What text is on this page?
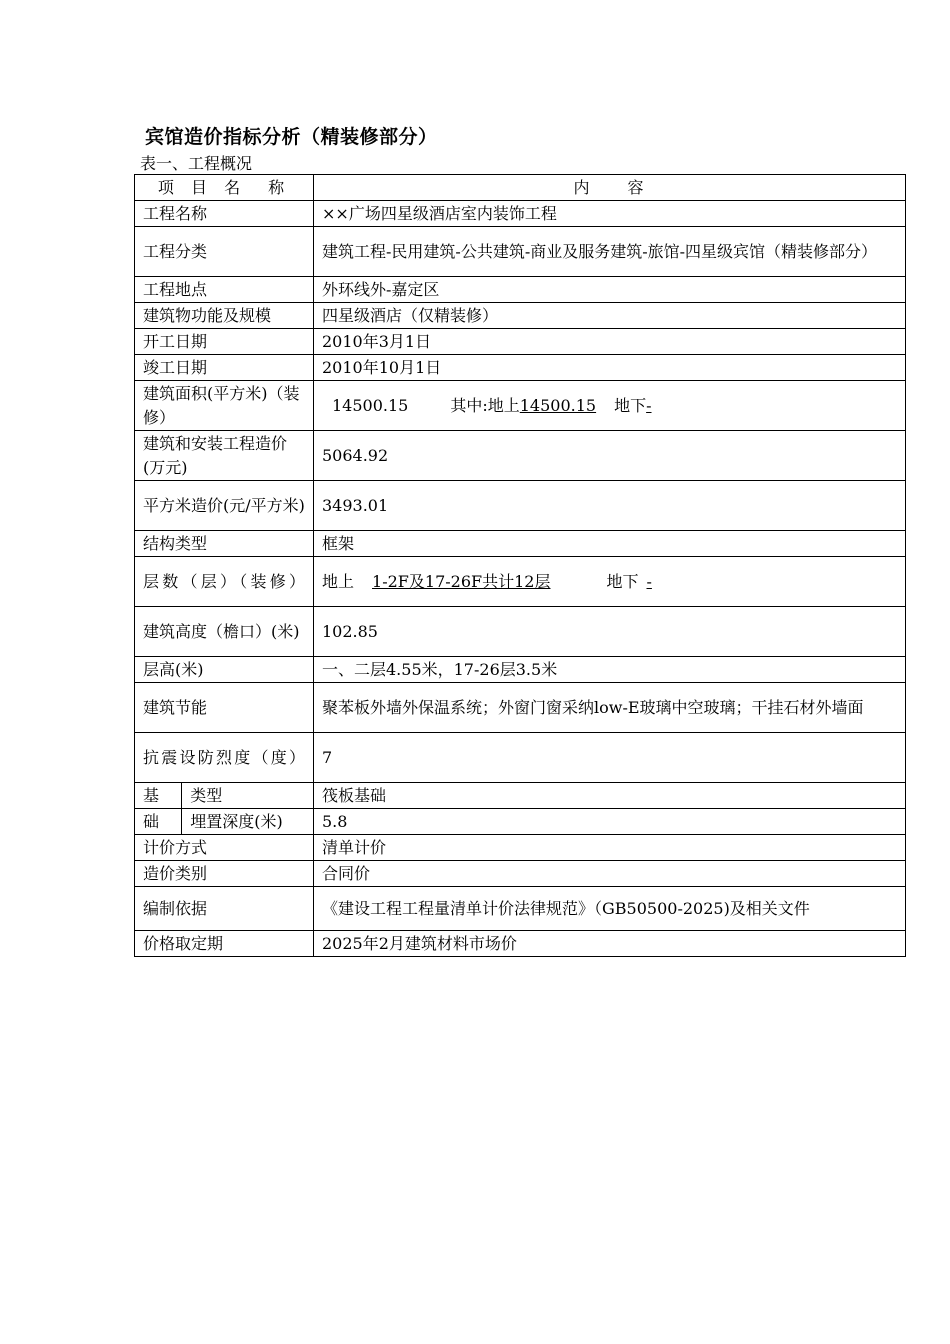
宾馆造价指标分析（精装修部分）
表一、工程概况
项 目 名　称		内　　容
工程名称		××广场四星级酒店室内装饰工程
工程分类		建筑工程-民用建筑-公共建筑-商业及服务建筑-旅馆-四星级宾馆（精装修部分）
工程地点		外环线外-嘉定区
建筑物功能及规模		四星级酒店（仅精装修）
开工日期		2010年3月1日
竣工日期		2010年10月1日
建筑面积(平方米)（装修）		14500.15 其中:地上14500.15 地下-
建筑和安装工程造价(万元)		5064.92
平方米造价(元/平方米)		3493.01
结构类型		框架
层数（层）（装修）		地上 1-2F及17-26F共计12层 地下 -
建筑高度（檐口）(米)		102.85
层高(米)		一、二层4.55米，17-26层3.5米
建筑节能		聚苯板外墙外保温系统；外窗门窗采纳low-E玻璃中空玻璃；干挂石材外墙面
抗震设防烈度（度）		7
基	类型	筏板基础
础	埋置深度(米)	5.8
计价方式		清单计价
造价类别		合同价
编制依据		《建设工程工程量清单计价法律规范》（GB50500-2025)及相关文件
价格取定期		2025年2月建筑材料市场价
